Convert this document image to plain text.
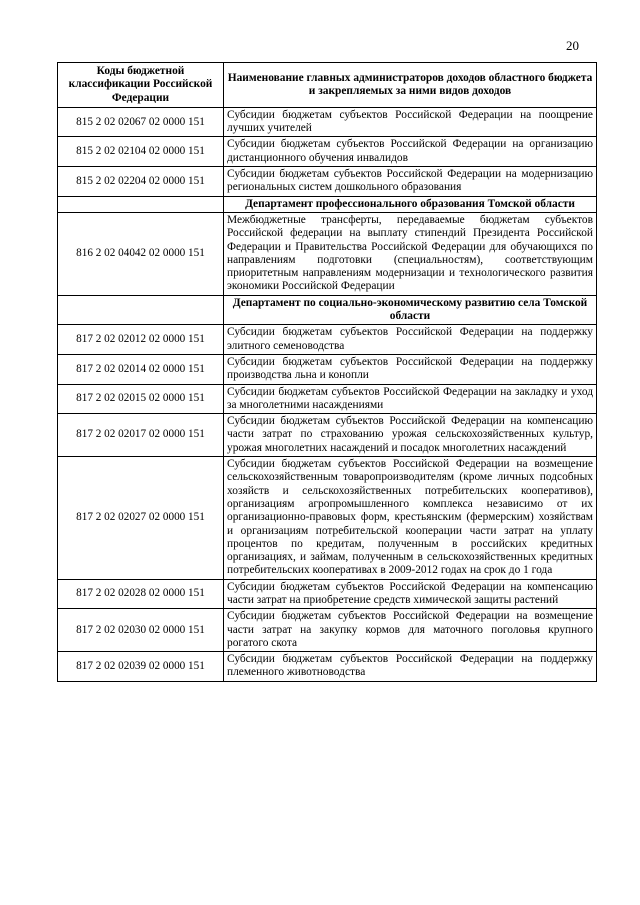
20
Коды бюджетной классификации Российской Федерации	Наименование главных администраторов доходов областного бюджета и закрепляемых за ними видов доходов
815 2 02 02067 02 0000 151	Субсидии бюджетам субъектов Российской Федерации на поощрение лучших учителей
815 2 02 02104 02 0000 151	Субсидии бюджетам субъектов Российской Федерации на организацию дистанционного обучения инвалидов
815 2 02 02204 02 0000 151	Субсидии бюджетам субъектов Российской Федерации на модернизацию региональных систем дошкольного образования
	Департамент профессионального образования Томской области
816 2 02 04042 02 0000 151	Межбюджетные трансферты, передаваемые бюджетам субъектов Российской федерации на выплату стипендий Президента Российской Федерации и Правительства Российской Федерации для обучающихся по направлениям подготовки (специальностям), соответствующим приоритетным направлениям модернизации и технологического развития экономики Российской Федерации
	Департамент по социально-экономическому развитию села Томской области
817 2 02 02012 02 0000 151	Субсидии бюджетам субъектов Российской Федерации на поддержку элитного семеноводства
817 2 02 02014 02 0000 151	Субсидии бюджетам субъектов Российской Федерации на поддержку производства льна и конопли
817 2 02 02015 02 0000 151	Субсидии бюджетам субъектов Российской Федерации на закладку и уход за многолетними насаждениями
817 2 02 02017 02 0000 151	Субсидии бюджетам субъектов Российской Федерации на компенсацию части затрат по страхованию урожая сельскохозяйственных культур, урожая многолетних насаждений и посадок многолетних насаждений
817 2 02 02027 02 0000 151	Субсидии бюджетам субъектов Российской Федерации на возмещение сельскохозяйственным товаропроизводителям (кроме личных подсобных хозяйств и сельскохозяйственных потребительских кооперативов), организациям агропромышленного комплекса независимо от их организационно-правовых форм, крестьянским (фермерским) хозяйствам и организациям потребительской кооперации части затрат на уплату процентов по кредитам, полученным в российских кредитных организациях, и займам, полученным в сельскохозяйственных кредитных потребительских кооперативах в 2009-2012 годах на срок до 1 года
817 2 02 02028 02 0000 151	Субсидии бюджетам субъектов Российской Федерации на компенсацию части затрат на приобретение средств химической защиты растений
817 2 02 02030 02 0000 151	Субсидии бюджетам субъектов Российской Федерации на возмещение части затрат на закупку кормов для маточного поголовья крупного рогатого скота
817 2 02 02039 02 0000 151	Субсидии бюджетам субъектов Российской Федерации на поддержку племенного животноводства
